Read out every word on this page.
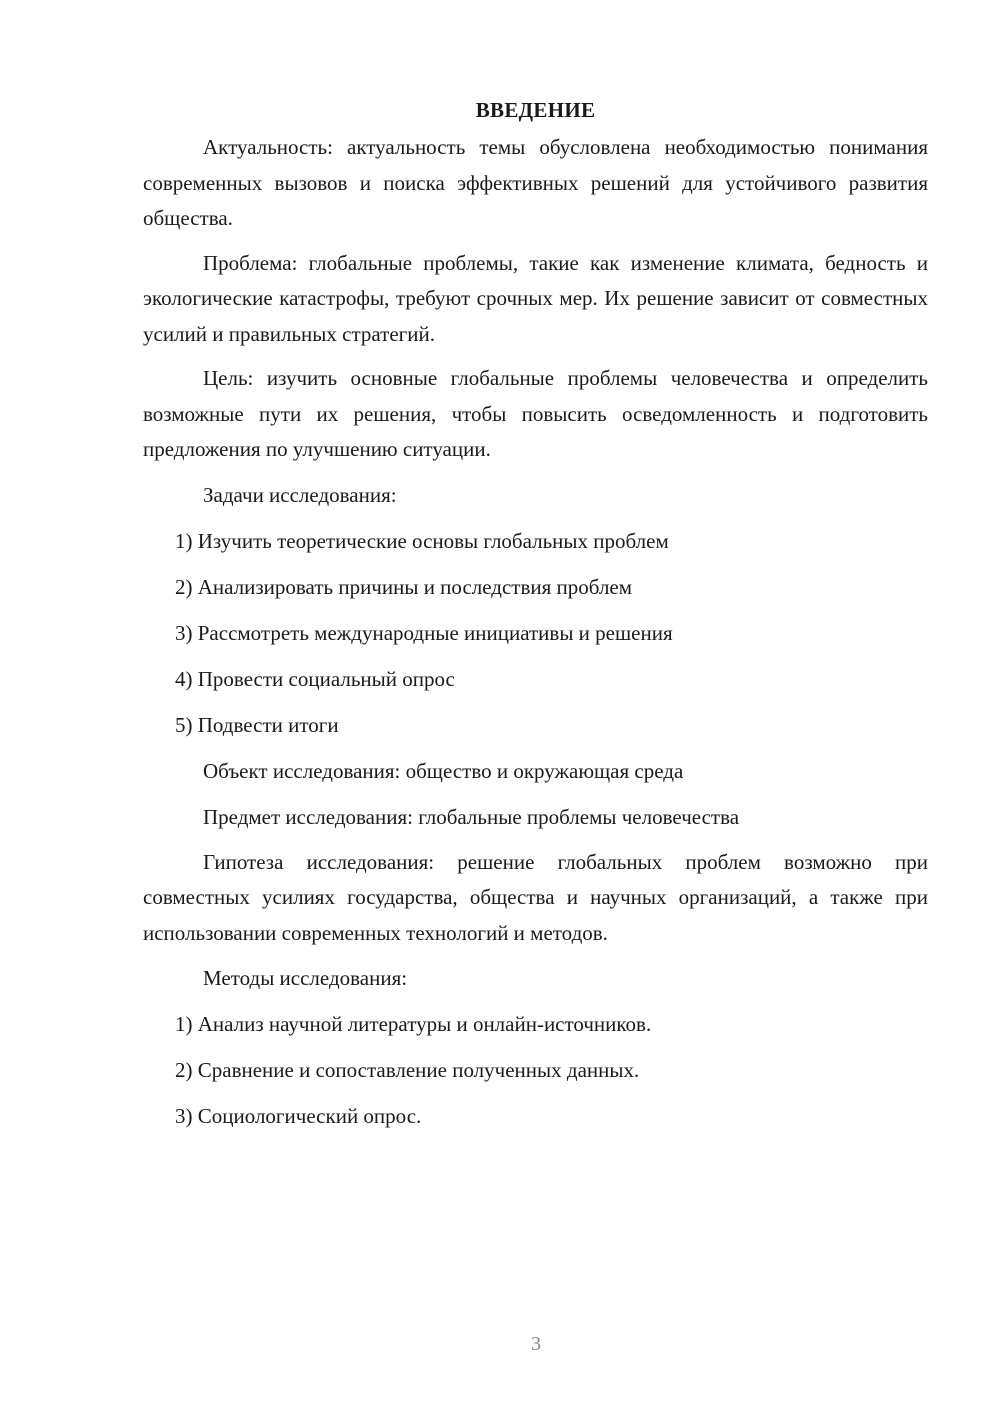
ВВЕДЕНИЕ
Актуальность: актуальность темы обусловлена необходимостью понимания современных вызовов и поиска эффективных решений для устойчивого развития общества.
Проблема: глобальные проблемы, такие как изменение климата, бедность и экологические катастрофы, требуют срочных мер. Их решение зависит от совместных усилий и правильных стратегий.
Цель: изучить основные глобальные проблемы человечества и определить возможные пути их решения, чтобы повысить осведомленность и подготовить предложения по улучшению ситуации.
Задачи исследования:
1) Изучить теоретические основы глобальных проблем
2) Анализировать причины и последствия проблем
3) Рассмотреть международные инициативы и решения
4) Провести социальный опрос
5) Подвести итоги
Объект исследования: общество и окружающая среда
Предмет исследования: глобальные проблемы человечества
Гипотеза исследования: решение глобальных проблем возможно при совместных усилиях государства, общества и научных организаций, а также при использовании современных технологий и методов.
Методы исследования:
1) Анализ научной литературы и онлайн-источников.
2) Сравнение и сопоставление полученных данных.
3) Социологический опрос.
3
